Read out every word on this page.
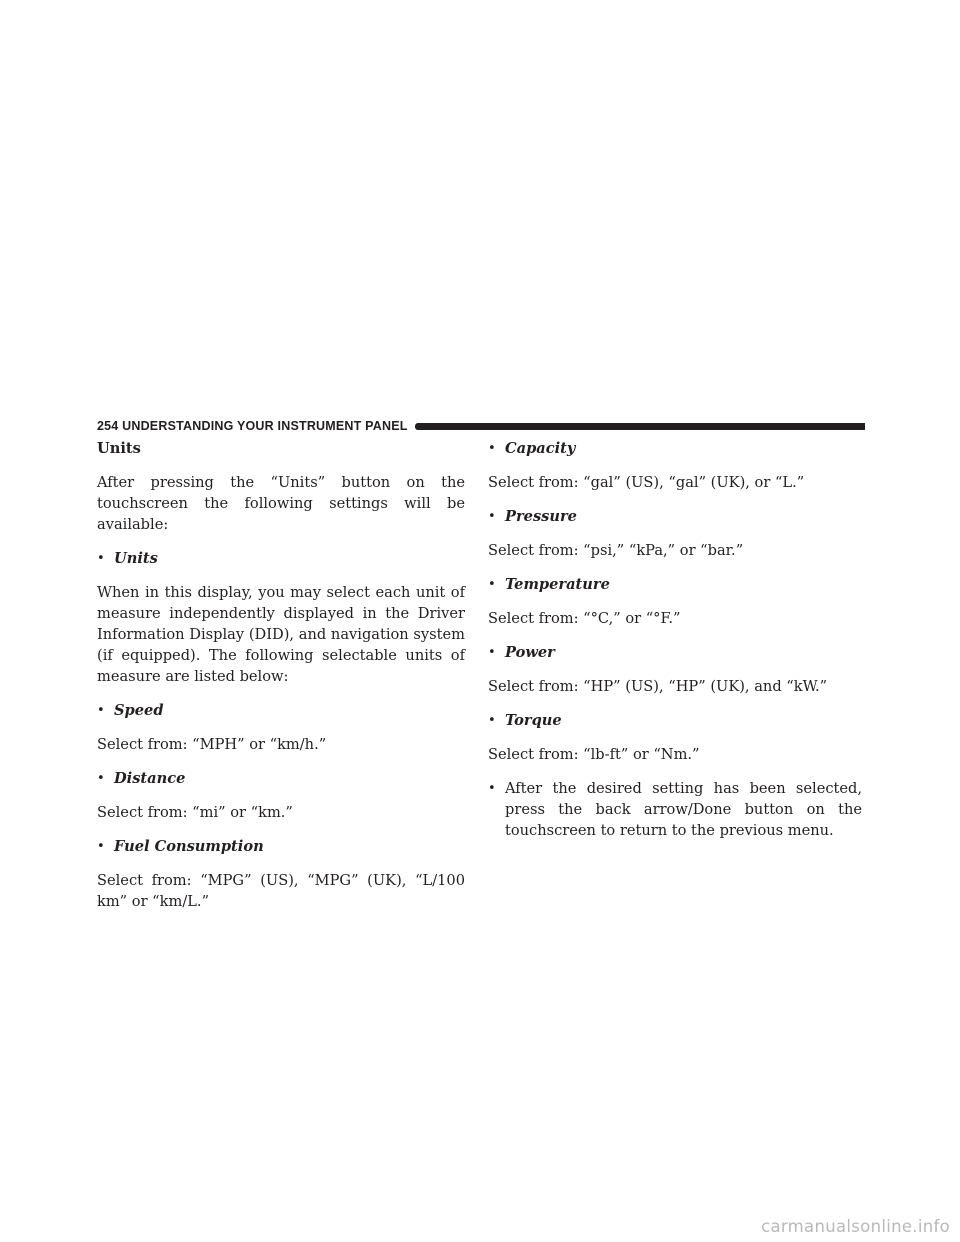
254 UNDERSTANDING YOUR INSTRUMENT PANEL

Units

After pressing the “Units” button on the touchscreen the following settings will be available:

• Units

When in this display, you may select each unit of measure independently displayed in the Driver Information Display (DID), and navigation system (if equipped). The following selectable units of measure are listed below:

• Speed

Select from: “MPH” or “km/h.”

• Distance

Select from: “mi” or “km.”

• Fuel Consumption

Select from: “MPG” (US), “MPG” (UK), “L/100 km” or “km/L.”

• Capacity

Select from: “gal” (US), “gal” (UK), or “L.”

• Pressure

Select from: “psi,” “kPa,” or “bar.”

• Temperature

Select from: “°C,” or “°F.”

• Power

Select from: “HP” (US), “HP” (UK), and “kW.”

• Torque

Select from: “lb-ft” or “Nm.”

• After the desired setting has been selected, press the back arrow/Done button on the touchscreen to return to the previous menu.
carmanualsonline.info
